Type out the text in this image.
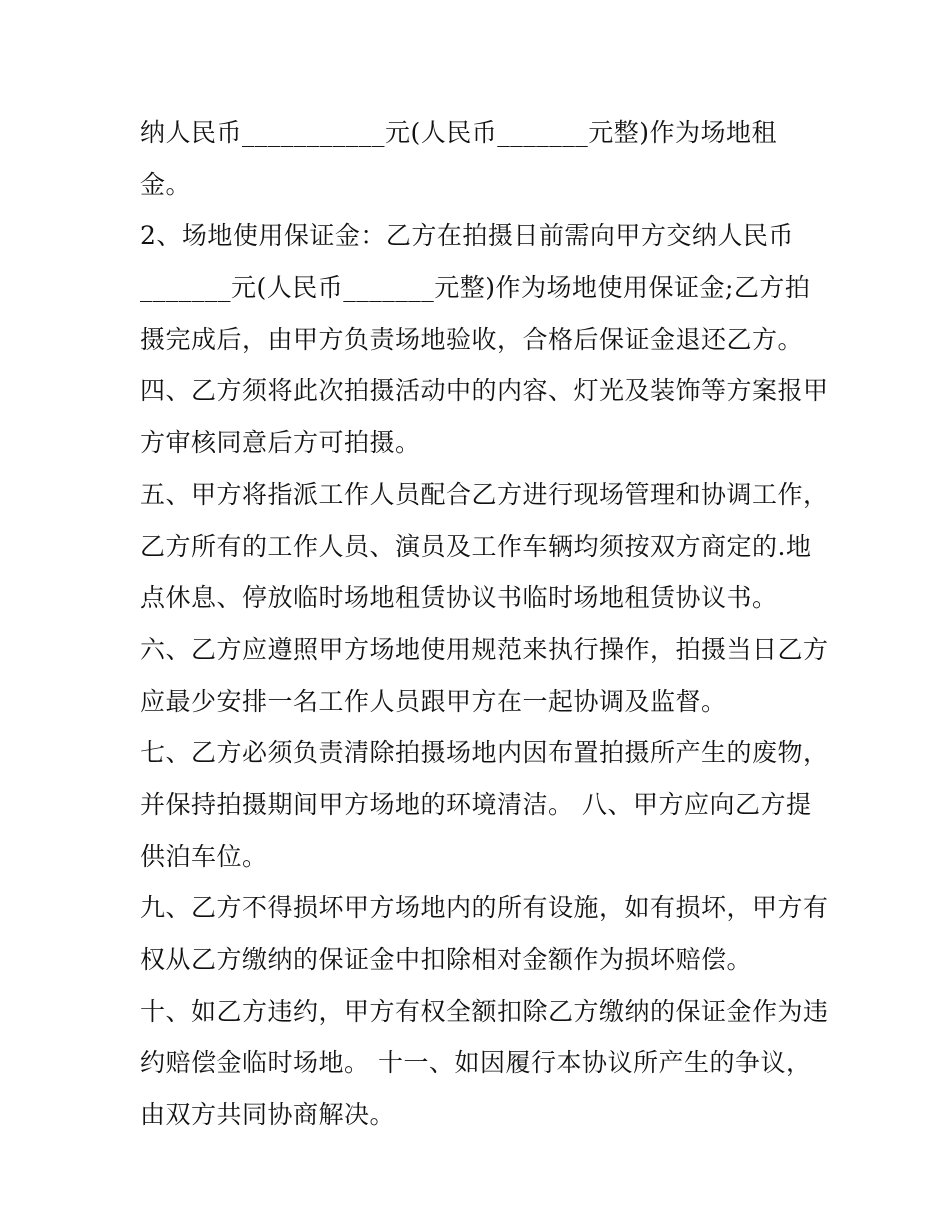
纳人民币___________元(人民币_______元整)作为场地租
金。
2、场地使用保证金：乙方在拍摄日前需向甲方交纳人民币
_______元(人民币_______元整)作为场地使用保证金;乙方拍
摄完成后，由甲方负责场地验收，合格后保证金退还乙方。
四、乙方须将此次拍摄活动中的内容、灯光及装饰等方案报甲
方审核同意后方可拍摄。
五、甲方将指派工作人员配合乙方进行现场管理和协调工作，
乙方所有的工作人员、演员及工作车辆均须按双方商定的.地
点休息、停放临时场地租赁协议书临时场地租赁协议书。
六、乙方应遵照甲方场地使用规范来执行操作，拍摄当日乙方
应最少安排一名工作人员跟甲方在一起协调及监督。
七、乙方必须负责清除拍摄场地内因布置拍摄所产生的废物，
并保持拍摄期间甲方场地的环境清洁。 八、甲方应向乙方提
供泊车位。
九、乙方不得损坏甲方场地内的所有设施，如有损坏，甲方有
权从乙方缴纳的保证金中扣除相对金额作为损坏赔偿。
十、如乙方违约，甲方有权全额扣除乙方缴纳的保证金作为违
约赔偿金临时场地。 十一、如因履行本协议所产生的争议，
由双方共同协商解决。
